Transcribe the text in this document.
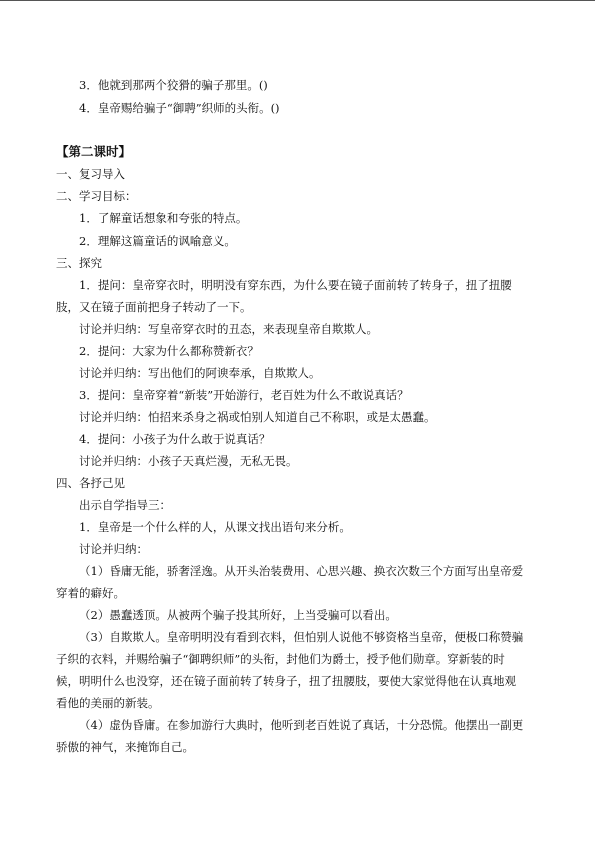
3．他就到那两个狡猾的骗子那里。()
4．皇帝赐给骗子“御聘”织师的头衔。()
【第二课时】
一、复习导入
二、学习目标：
1．了解童话想象和夸张的特点。
2．理解这篇童话的讽喻意义。
三、探究
1．提问：皇帝穿衣时，明明没有穿东西，为什么要在镜子面前转了转身子，扭了扭腰
肢，又在镜子面前把身子转动了一下。
讨论并归纳：写皇帝穿衣时的丑态，来表现皇帝自欺欺人。
2．提问：大家为什么都称赞新衣？
讨论并归纳：写出他们的阿谀奉承，自欺欺人。
3．提问：皇帝穿着“新装”开始游行，老百姓为什么不敢说真话？
讨论并归纳：怕招来杀身之祸或怕别人知道自己不称职，或是太愚蠢。
4．提问：小孩子为什么敢于说真话？
讨论并归纳：小孩子天真烂漫，无私无畏。
四、各抒己见
出示自学指导三：
1．皇帝是一个什么样的人，从课文找出语句来分析。
讨论并归纳：
（1）昏庸无能，骄奢淫逸。从开头治装费用、心思兴趣、换衣次数三个方面写出皇帝爱
穿着的癖好。
（2）愚蠢透顶。从被两个骗子投其所好，上当受骗可以看出。
（3）自欺欺人。皇帝明明没有看到衣料，但怕别人说他不够资格当皇帝，便极口称赞骗
子织的衣料，并赐给骗子“御聘织师”的头衔，封他们为爵士，授予他们勋章。穿新装的时
候，明明什么也没穿，还在镜子面前转了转身子，扭了扭腰肢，要使大家觉得他在认真地观
看他的美丽的新装。
（4）虚伪昏庸。在参加游行大典时，他听到老百姓说了真话，十分恐慌。他摆出一副更
骄傲的神气，来掩饰自己。
